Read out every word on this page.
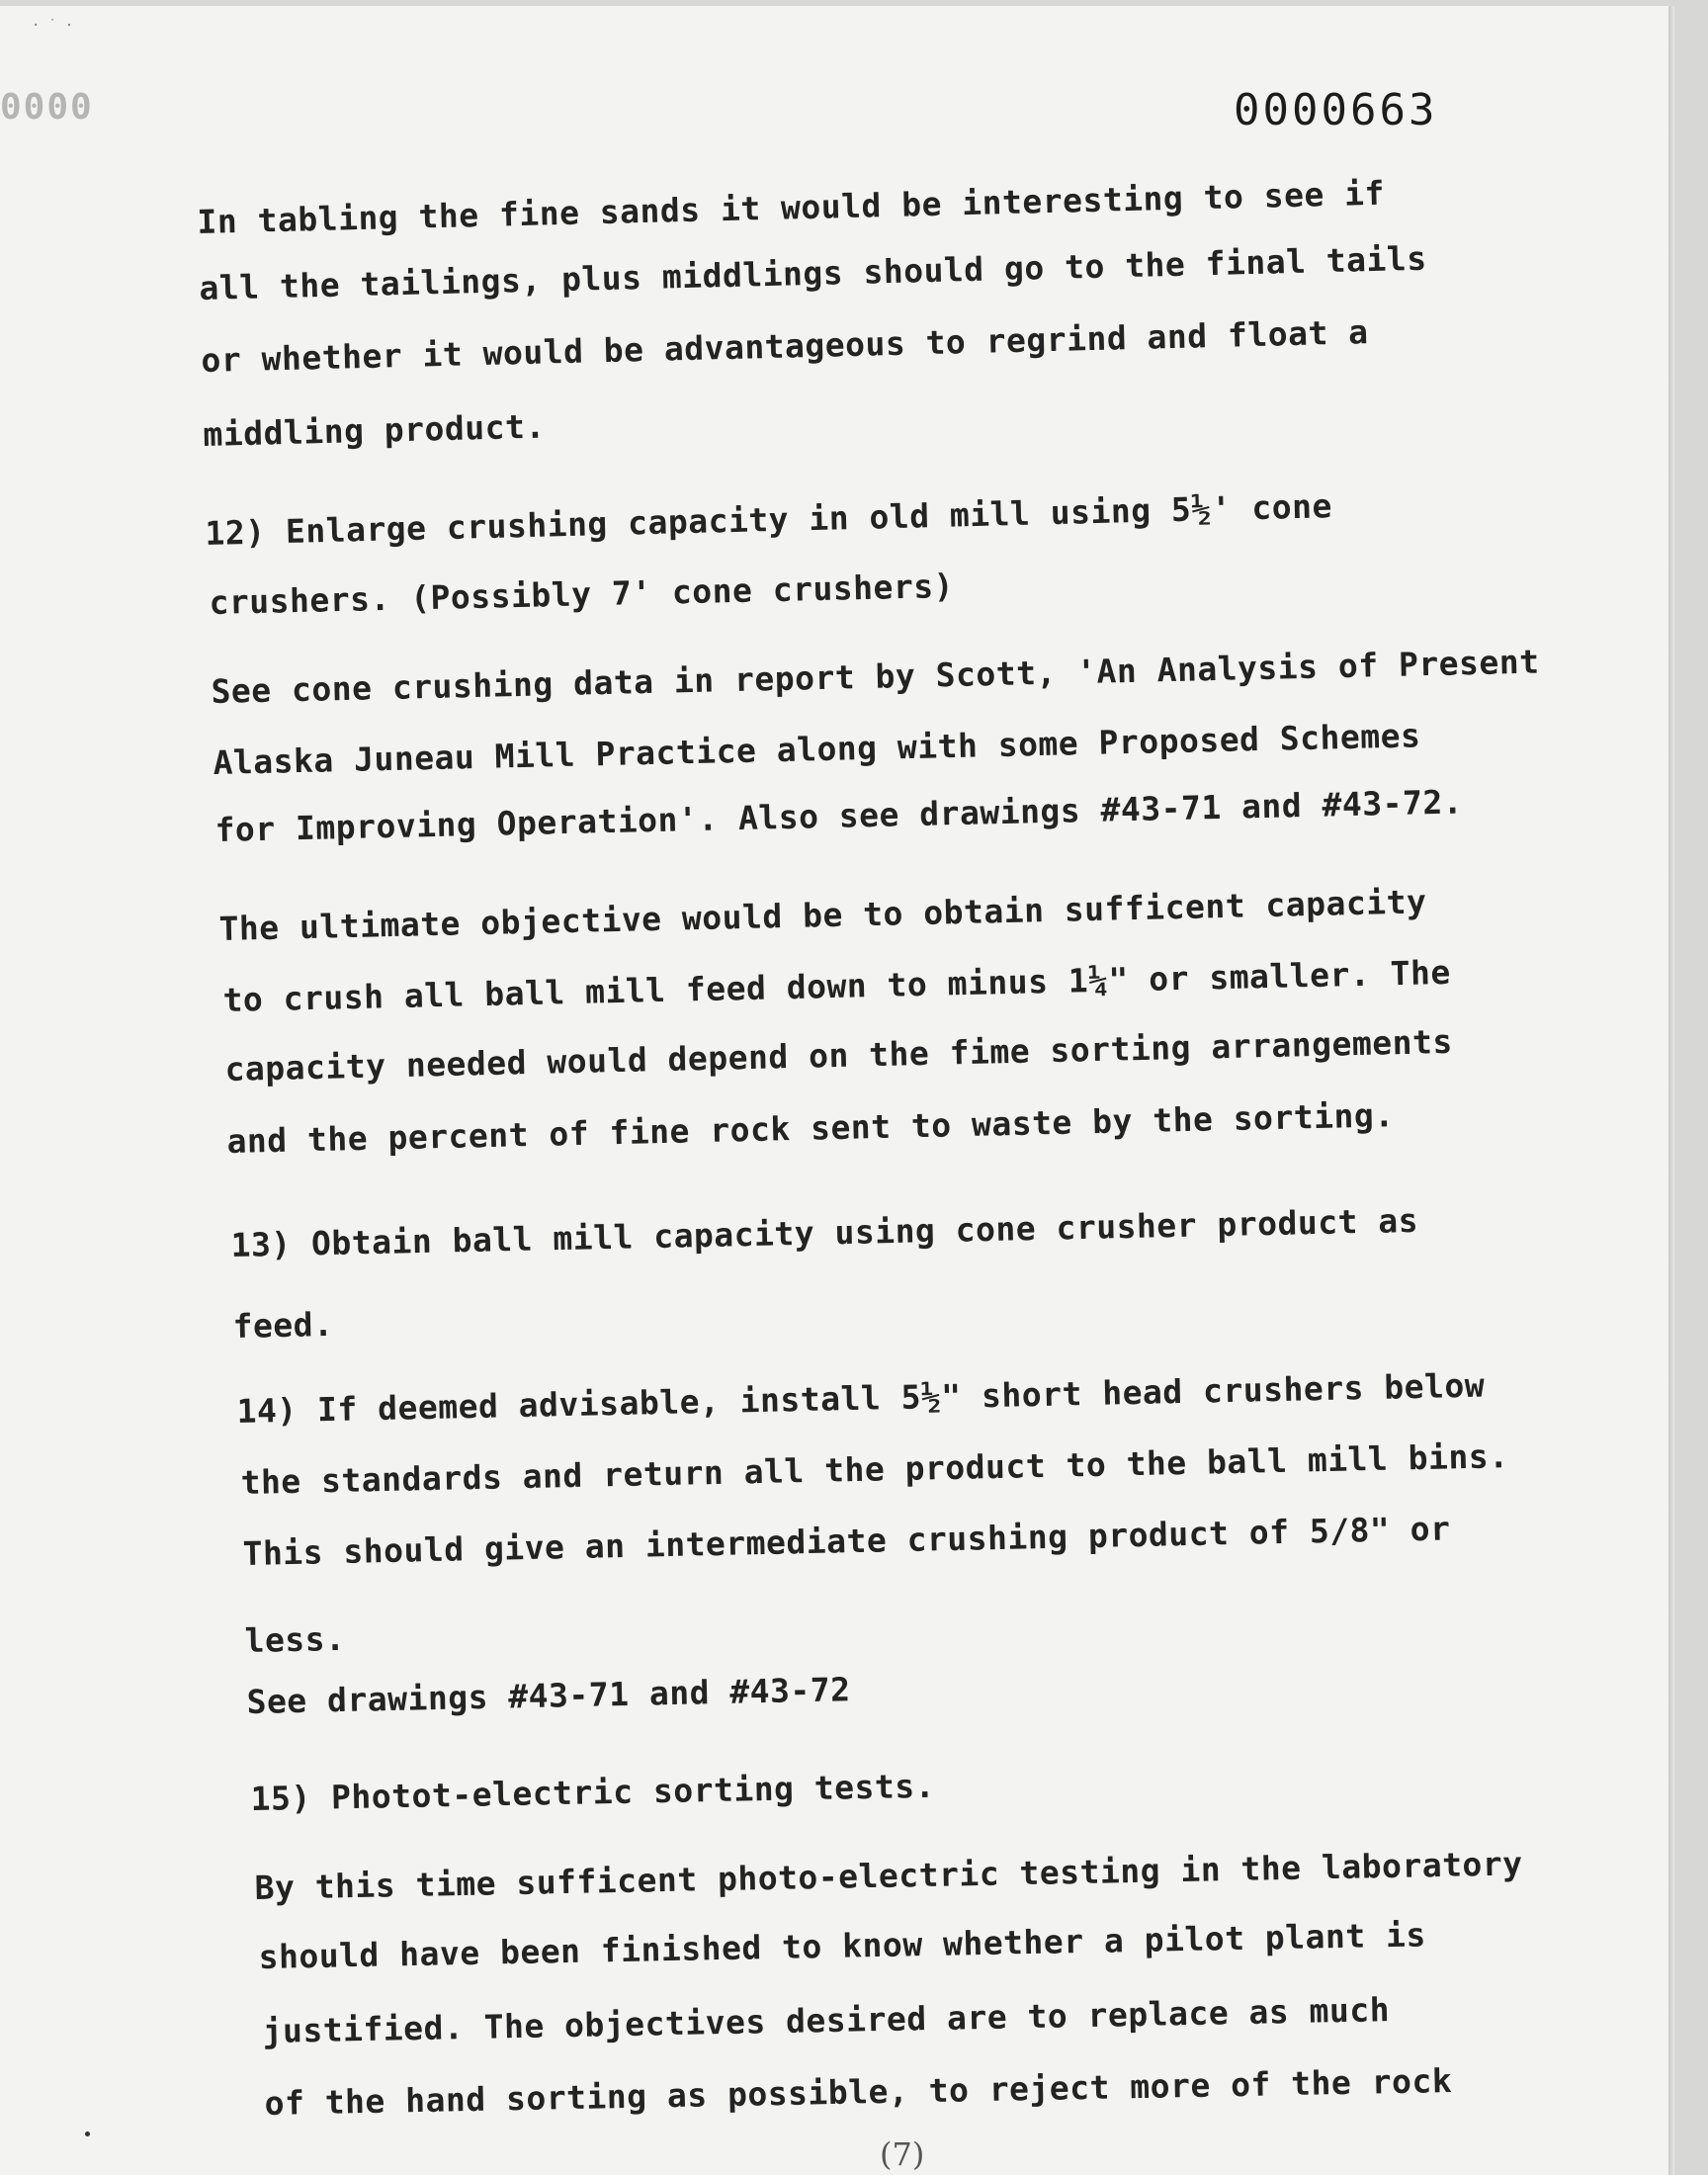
· ˙ ⋅
0000	0000663
In tabling the fine sands it would be interesting to see if
all the tailings, plus middlings should go to the final tails
or whether it would be advantageous to regrind and float a
middling product.
12) Enlarge crushing capacity in old mill using 5½' cone
crushers. (Possibly 7' cone crushers)
See cone crushing data in report by Scott, 'An Analysis of Present
Alaska Juneau Mill Practice along with some Proposed Schemes
for Improving Operation'. Also see drawings #43-71 and #43-72.
The ultimate objective would be to obtain sufficent capacity
to crush all ball mill feed down to minus 1¼" or smaller. The
capacity needed would depend on the fime sorting arrangements
and the percent of fine rock sent to waste by the sorting.
13) Obtain ball mill capacity using cone crusher product as
feed.
14) If deemed advisable, install 5½" short head crushers below
the standards and return all the product to the ball mill bins.
This should give an intermediate crushing product of 5/8" or
less.
See drawings #43-71 and #43-72
15) Photot-electric sorting tests.
By this time sufficent photo-electric testing in the laboratory
should have been finished to know whether a pilot plant is
justified. The objectives desired are to replace as much
of the hand sorting as possible, to reject more of the rock
(7)
